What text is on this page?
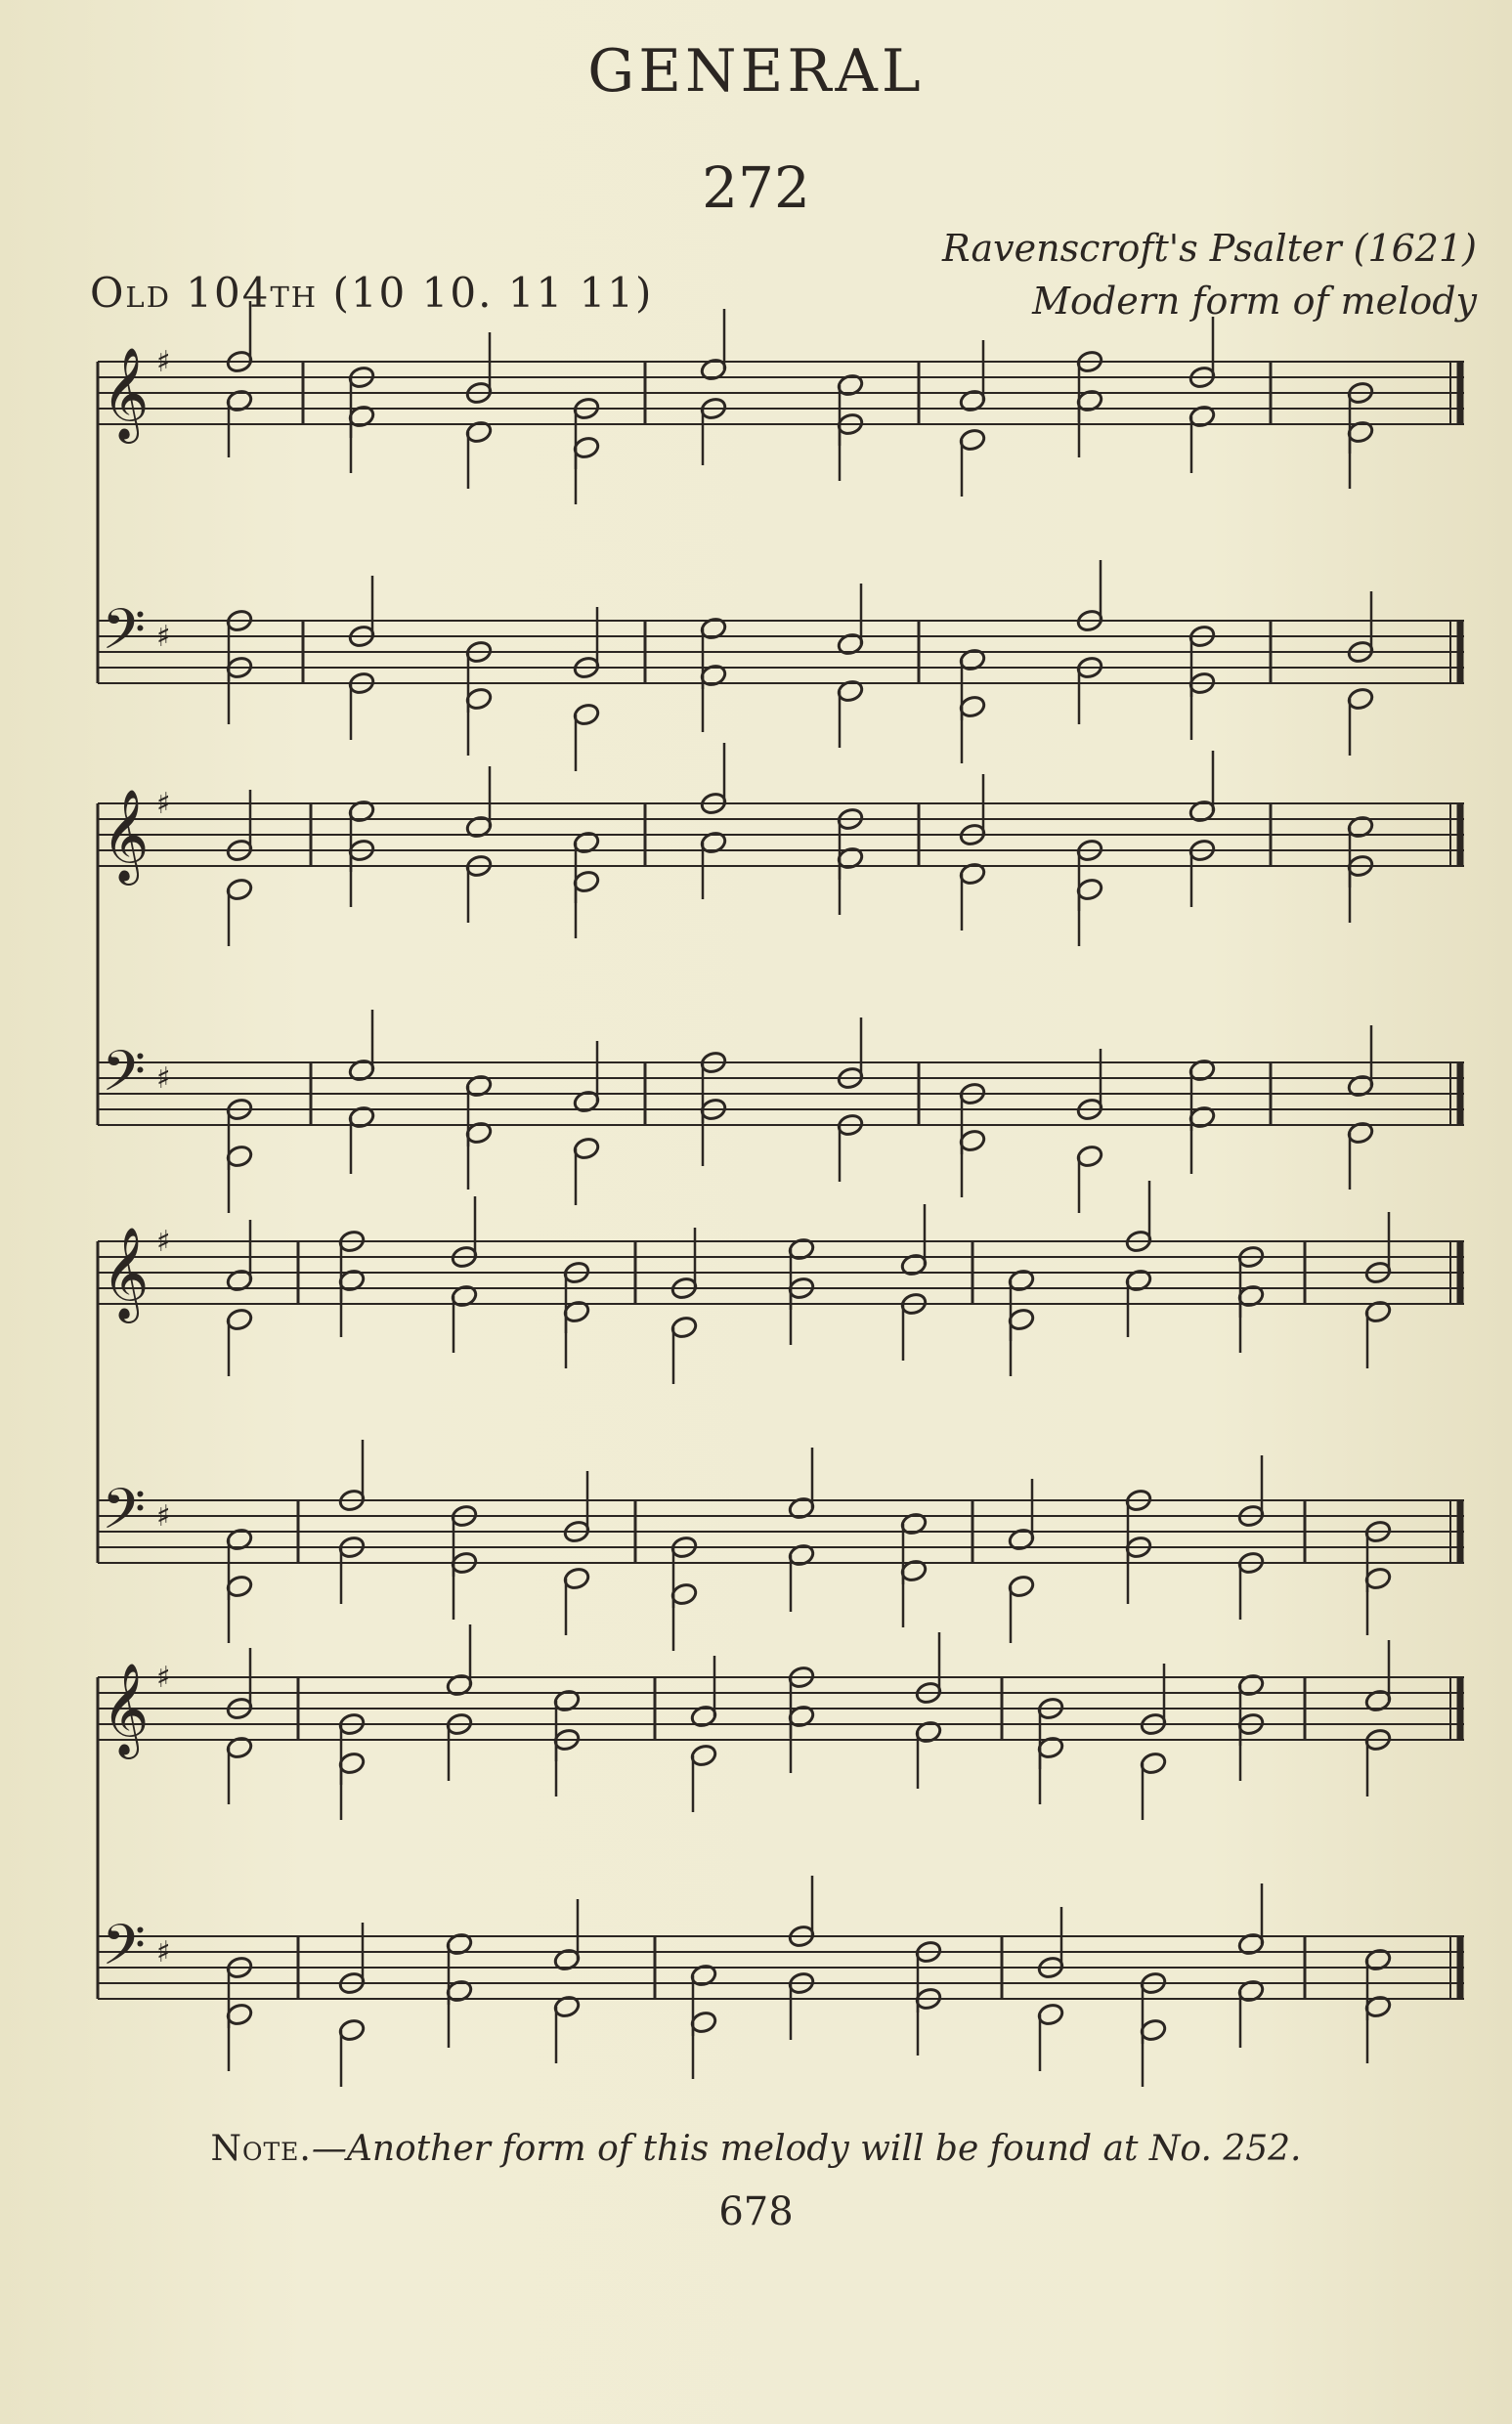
GENERAL
272
Old 104th (10 10. 11 11)
Ravenscroft's Psalter (1621)
Modern form of melody
𝄞 ♯
𝄢 ♯
𝄞 ♯
𝄢 ♯
𝄞 ♯
𝄢 ♯
𝄞 ♯
𝄢 ♯
Note.—Another form of this melody will be found at No. 252.
678
